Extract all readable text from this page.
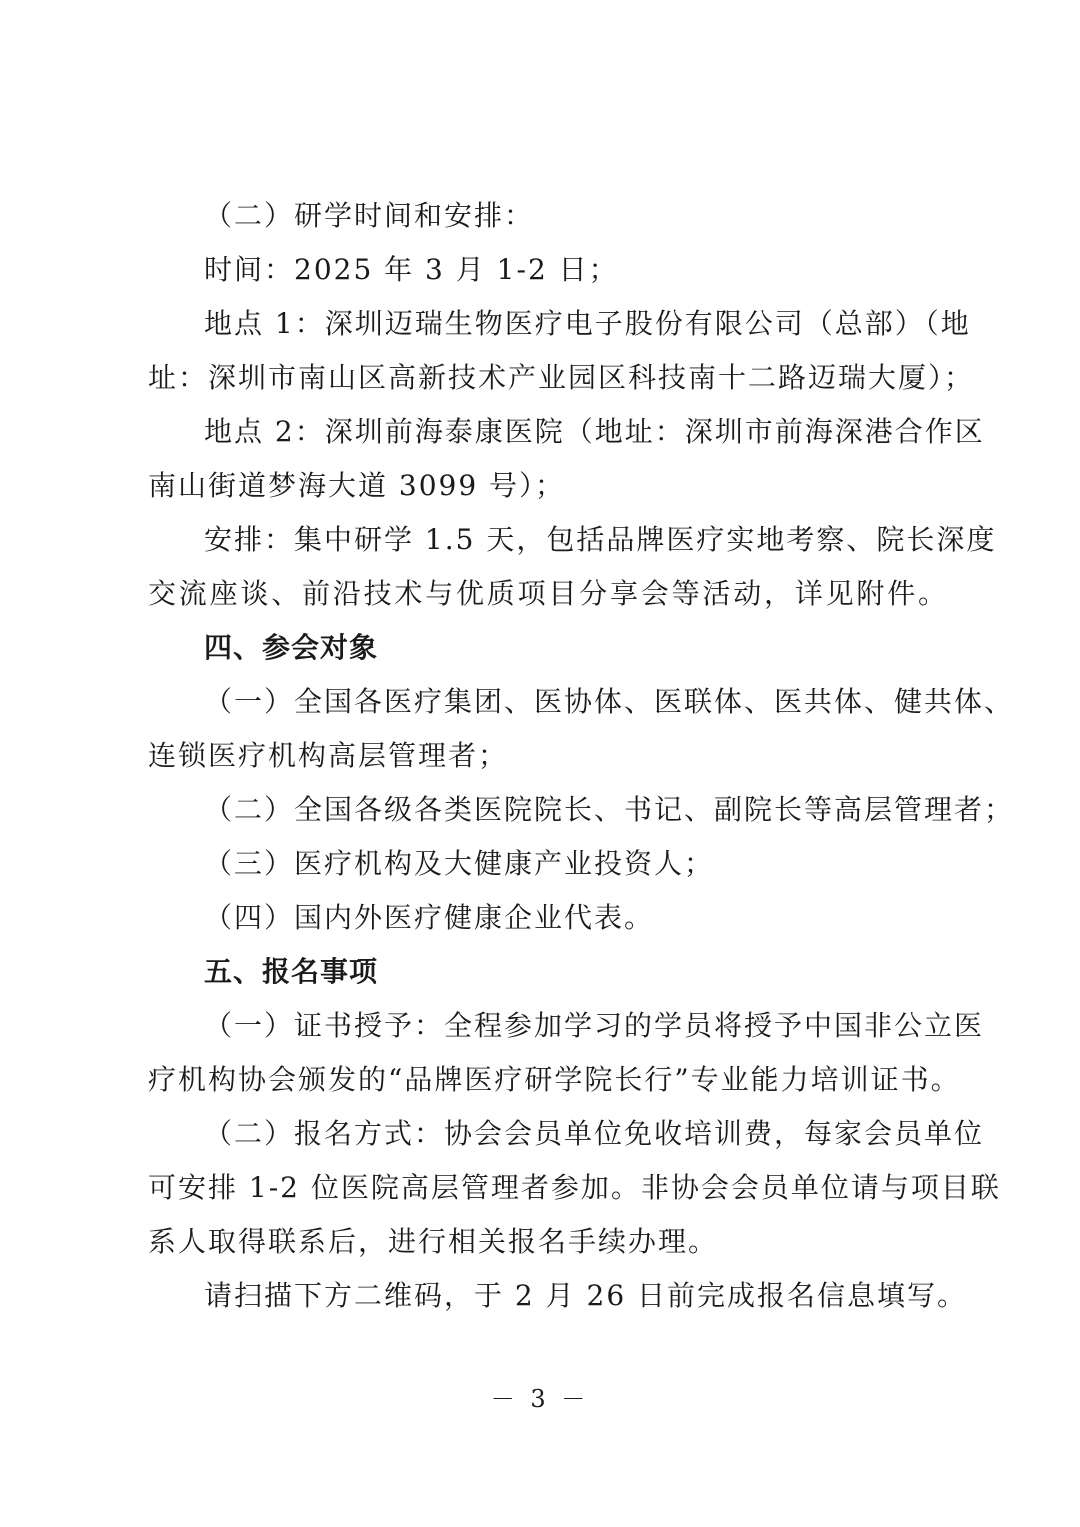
（二）研学时间和安排：
时间：2025 年 3 月 1-2 日；
地点 1：深圳迈瑞生物医疗电子股份有限公司（总部）（地
址：深圳市南山区高新技术产业园区科技南十二路迈瑞大厦）；
地点 2：深圳前海泰康医院（地址：深圳市前海深港合作区
南山街道梦海大道 3099 号）；
安排：集中研学 1.5 天，包括品牌医疗实地考察、院长深度
交流座谈、前沿技术与优质项目分享会等活动，详见附件。
四、参会对象
（一）全国各医疗集团、医协体、医联体、医共体、健共体、
连锁医疗机构高层管理者；
（二）全国各级各类医院院长、书记、副院长等高层管理者；
（三）医疗机构及大健康产业投资人；
（四）国内外医疗健康企业代表。
五、报名事项
（一）证书授予：全程参加学习的学员将授予中国非公立医
疗机构协会颁发的“品牌医疗研学院长行”专业能力培训证书。
（二）报名方式：协会会员单位免收培训费，每家会员单位
可安排 1-2 位医院高层管理者参加。非协会会员单位请与项目联
系人取得联系后，进行相关报名手续办理。
请扫描下方二维码，于 2 月 26 日前完成报名信息填写。
－ 3 －
